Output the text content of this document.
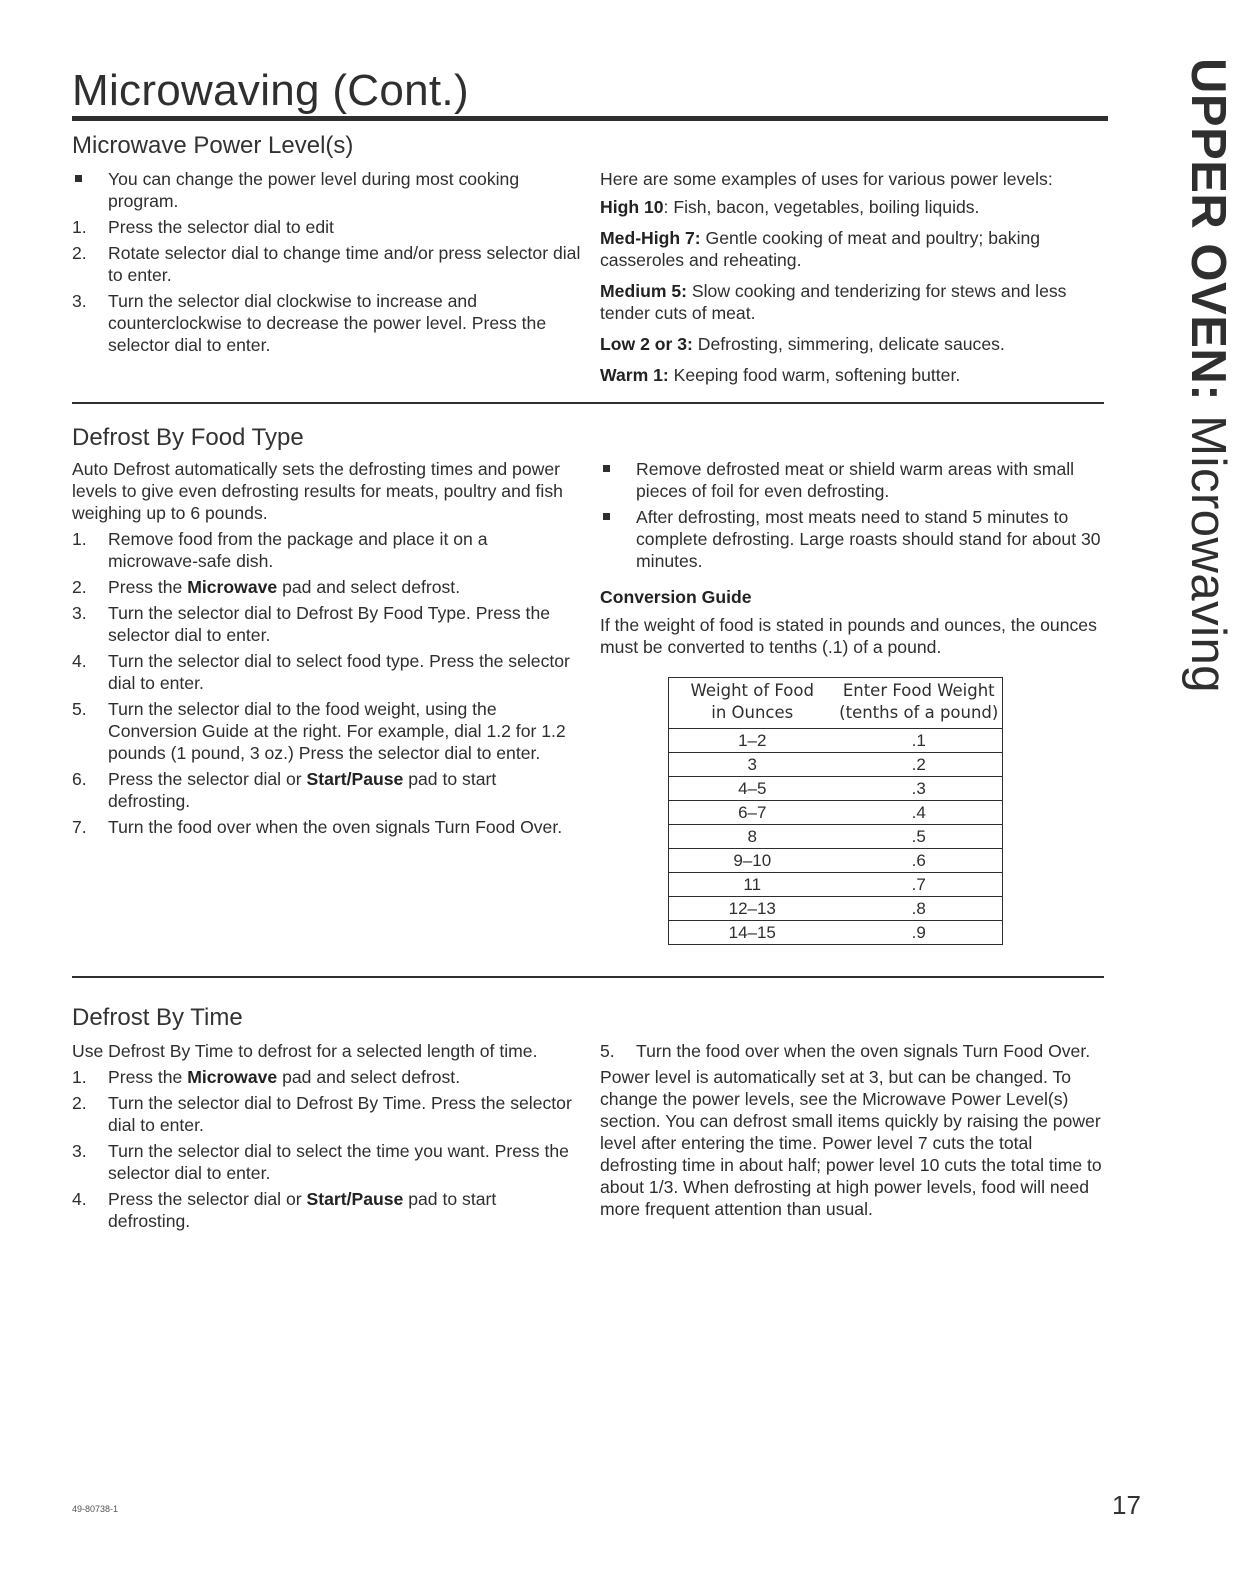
Microwaving (Cont.)	UPPER OVEN: Microwaving
Microwave Power Level(s)
You can change the power level during most cooking program.
1. Press the selector dial to edit
2. Rotate selector dial to change time and/or press selector dial to enter.
3. Turn the selector dial clockwise to increase and counterclockwise to decrease the power level. Press the selector dial to enter.

Here are some examples of uses for various power levels:

High 10: Fish, bacon, vegetables, boiling liquids.

Med-High 7: Gentle cooking of meat and poultry; baking casseroles and reheating.

Medium 5: Slow cooking and tenderizing for stews and less tender cuts of meat.

Low 2 or 3: Defrosting, simmering, delicate sauces.

Warm 1: Keeping food warm, softening butter.

Defrost By Food Type

Auto Defrost automatically sets the defrosting times and power levels to give even defrosting results for meats, poultry and fish weighing up to 6 pounds.

1. Remove food from the package and place it on a microwave-safe dish.
2. Press the Microwave pad and select defrost.
3. Turn the selector dial to Defrost By Food Type. Press the selector dial to enter.
4. Turn the selector dial to select food type. Press the selector dial to enter.
5. Turn the selector dial to the food weight, using the Conversion Guide at the right. For example, dial 1.2 for 1.2 pounds (1 pound, 3 oz.) Press the selector dial to enter.
6. Press the selector dial or Start/Pause pad to start defrosting.
7. Turn the food over when the oven signals Turn Food Over.
Remove defrosted meat or shield warm areas with small pieces of foil for even defrosting.
After defrosting, most meats need to stand 5 minutes to complete defrosting. Large roasts should stand for about 30 minutes.

Conversion Guide

If the weight of food is stated in pounds and ounces, the ounces must be converted to tenths (.1) of a pound.

Weight of Food
in Ounces	Enter Food Weight
(tenths of a pound)
1–2	.1
3	.2
4–5	.3
6–7	.4
8	.5
9–10	.6
11	.7
12–13	.8
14–15	.9
Defrost By Time

Use Defrost By Time to defrost for a selected length of time.

1. Press the Microwave pad and select defrost.
2. Turn the selector dial to Defrost By Time. Press the selector dial to enter.
3. Turn the selector dial to select the time you want. Press the selector dial to enter.
4. Press the selector dial or Start/Pause pad to start defrosting.
5. Turn the food over when the oven signals Turn Food Over.

Power level is automatically set at 3, but can be changed. To change the power levels, see the Microwave Power Level(s) section. You can defrost small items quickly by raising the power level after entering the time. Power level 7 cuts the total defrosting time in about half; power level 10 cuts the total time to about 1/3. When defrosting at high power levels, food will need more frequent attention than usual.

49-80738-1	17
